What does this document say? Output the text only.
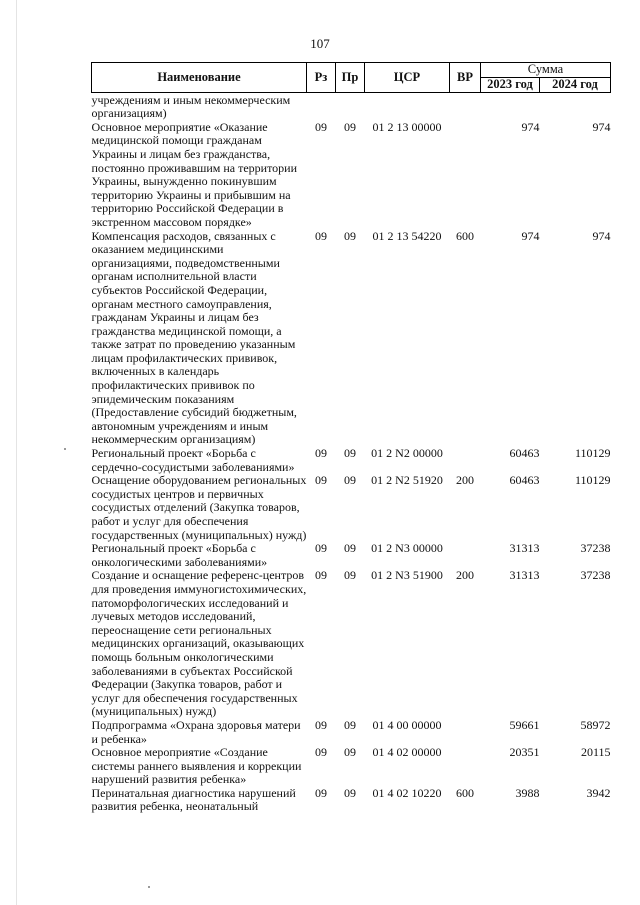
107
Наименование	Рз	Пр	ЦСР	ВР	Сумма	
					2023 год	2024 год
учреждениям и иным некоммерческим организациям)						
Основное мероприятие «Оказание медицинской помощи гражданам Украины и лицам без гражданства, постоянно проживавшим на территории Украины, вынужденно покинувшим территорию Украины и прибывшим на территорию Российской Федерации в экстренном массовом порядке»	09	09	01 2 13 00000		974	974
Компенсация расходов, связанных с оказанием медицинскими организациями, подведомственными органам исполнительной власти субъектов Российской Федерации, органам местного самоуправления, гражданам Украины и лицам без гражданства медицинской помощи, а также затрат по проведению указанным лицам профилактических прививок, включенных в календарь профилактических прививок по эпидемическим показаниям (Предоставление субсидий бюджетным, автономным учреждениям и иным некоммерческим организациям)	09	09	01 2 13 54220	600	974	974
Региональный проект «Борьба с сердечно-сосудистыми заболеваниями»	09	09	01 2 N2 00000		60463	110129
Оснащение оборудованием региональных сосудистых центров и первичных сосудистых отделений (Закупка товаров, работ и услуг для обеспечения государственных (муниципальных) нужд)	09	09	01 2 N2 51920	200	60463	110129
Региональный проект «Борьба с онкологическими заболеваниями»	09	09	01 2 N3 00000		31313	37238
Создание и оснащение референс-центров для проведения иммуногистохимических, патоморфологических исследований и лучевых методов исследований, переоснащение сети региональных медицинских организаций, оказывающих помощь больным онкологическими заболеваниями в субъектах Российской Федерации (Закупка товаров, работ и услуг для обеспечения государственных (муниципальных) нужд)	09	09	01 2 N3 51900	200	31313	37238
Подпрограмма «Охрана здоровья матери и ребенка»	09	09	01 4 00 00000		59661	58972
Основное мероприятие «Создание системы раннего выявления и коррекции нарушений развития ребенка»	09	09	01 4 02 00000		20351	20115
Перинатальная диагностика нарушений развития ребенка, неонатальный	09	09	01 4 02 10220	600	3988	3942
